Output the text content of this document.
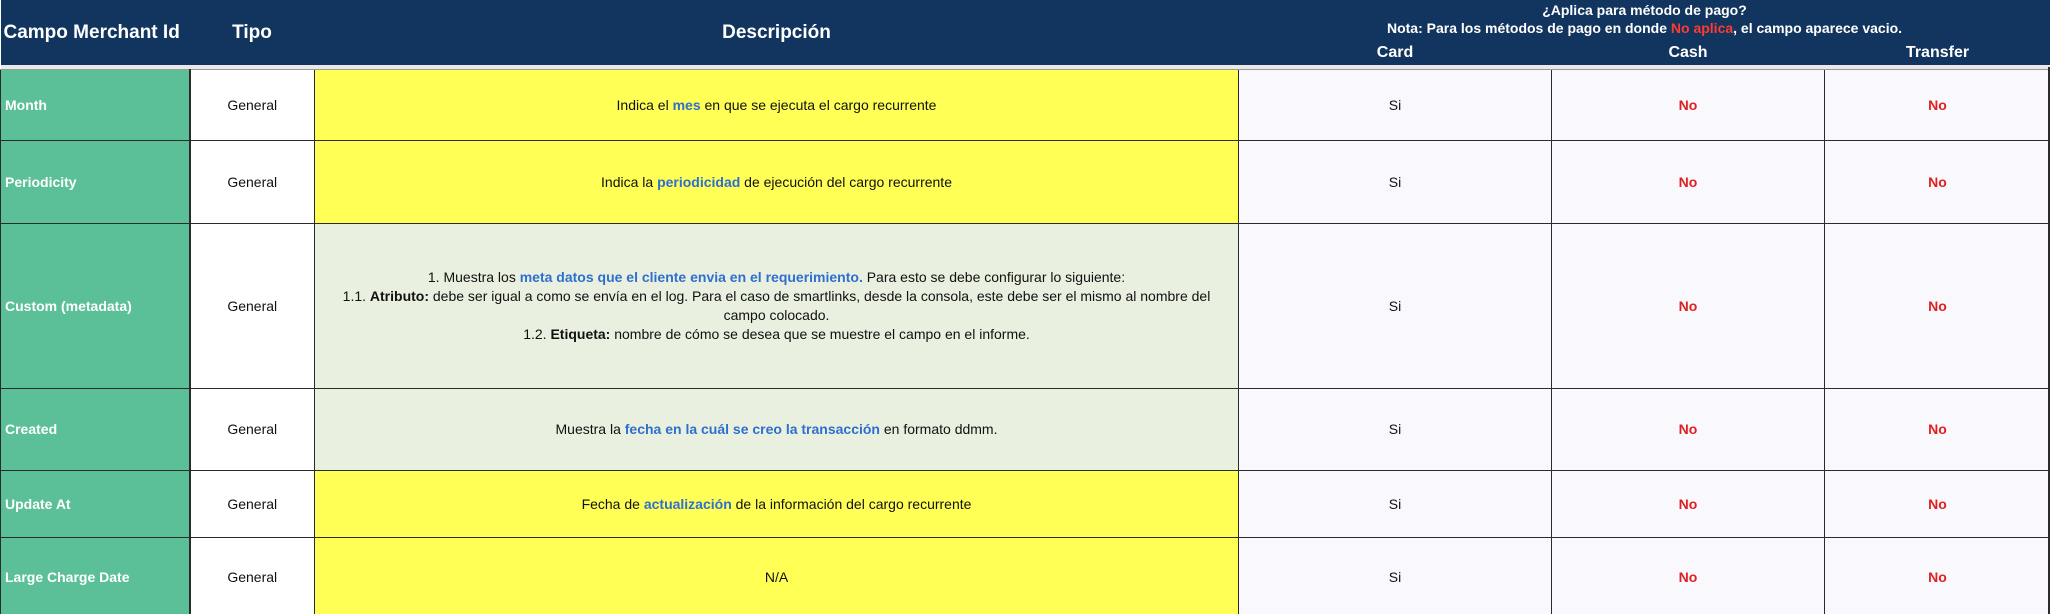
Campo Merchant Id	Tipo	Descripción	¿Aplica para método de pago?
Nota: Para los métodos de pago en donde No aplica, el campo aparece vacio.
Card Cash Transfer		

Month	General	Indica el mes en que se ejecuta el cargo recurrente	Si	No	No
Periodicity	General	Indica la periodicidad de ejecución del cargo recurrente	Si	No	No
Custom (metadata)	General	1. Muestra los meta datos que el cliente envia en el requerimiento. Para esto se debe configurar lo siguiente:
1.1. Atributo: debe ser igual a como se envía en el log. Para el caso de smartlinks, desde la consola, este debe ser el mismo al nombre del campo colocado.
1.2. Etiqueta: nombre de cómo se desea que se muestre el campo en el informe.	Si	No	No
Created	General	Muestra la fecha en la cuál se creo la transacción en formato ddmm.	Si	No	No
Update At	General	Fecha de actualización de la información del cargo recurrente	Si	No	No
Large Charge Date	General	N/A	Si	No	No
